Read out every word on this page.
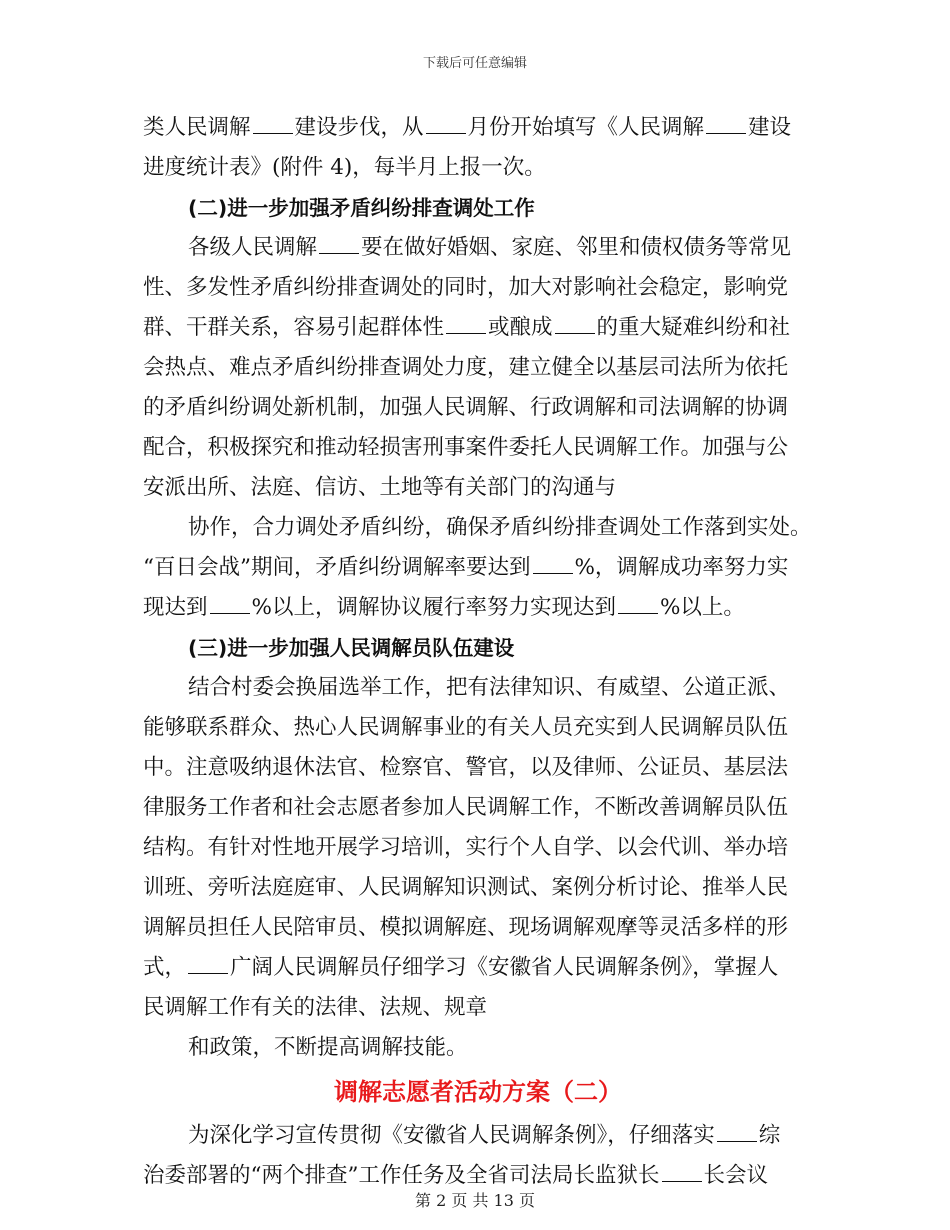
下载后可任意编辑
类人民调解 建设步伐，从 月份开始填写《人民调解 建设
进度统计表》(附件 4)，每半月上报一次。
(二)进一步加强矛盾纠纷排查调处工作
各级人民调解 要在做好婚姻、家庭、邻里和债权债务等常见
性、多发性矛盾纠纷排查调处的同时，加大对影响社会稳定，影响党
群、干群关系，容易引起群体性 或酿成 的重大疑难纠纷和社
会热点、难点矛盾纠纷排查调处力度，建立健全以基层司法所为依托
的矛盾纠纷调处新机制，加强人民调解、行政调解和司法调解的协调
配合，积极探究和推动轻损害刑事案件委托人民调解工作。加强与公
安派出所、法庭、信访、土地等有关部门的沟通与
协作，合力调处矛盾纠纷，确保矛盾纠纷排查调处工作落到实处。
“百日会战”期间，矛盾纠纷调解率要达到 %，调解成功率努力实
现达到 %以上，调解协议履行率努力实现达到 %以上。
(三)进一步加强人民调解员队伍建设
结合村委会换届选举工作，把有法律知识、有威望、公道正派、
能够联系群众、热心人民调解事业的有关人员充实到人民调解员队伍
中。注意吸纳退休法官、检察官、警官，以及律师、公证员、基层法
律服务工作者和社会志愿者参加人民调解工作，不断改善调解员队伍
结构。有针对性地开展学习培训，实行个人自学、以会代训、举办培
训班、旁听法庭庭审、人民调解知识测试、案例分析讨论、推举人民
调解员担任人民陪审员、模拟调解庭、现场调解观摩等灵活多样的形
式， 广阔人民调解员仔细学习《安徽省人民调解条例》，掌握人
民调解工作有关的法律、法规、规章
和政策，不断提高调解技能。
调解志愿者活动方案（二）
为深化学习宣传贯彻《安徽省人民调解条例》，仔细落实 综
治委部署的“两个排查”工作任务及全省司法局长监狱长 长会议
第 2 页 共 13 页
